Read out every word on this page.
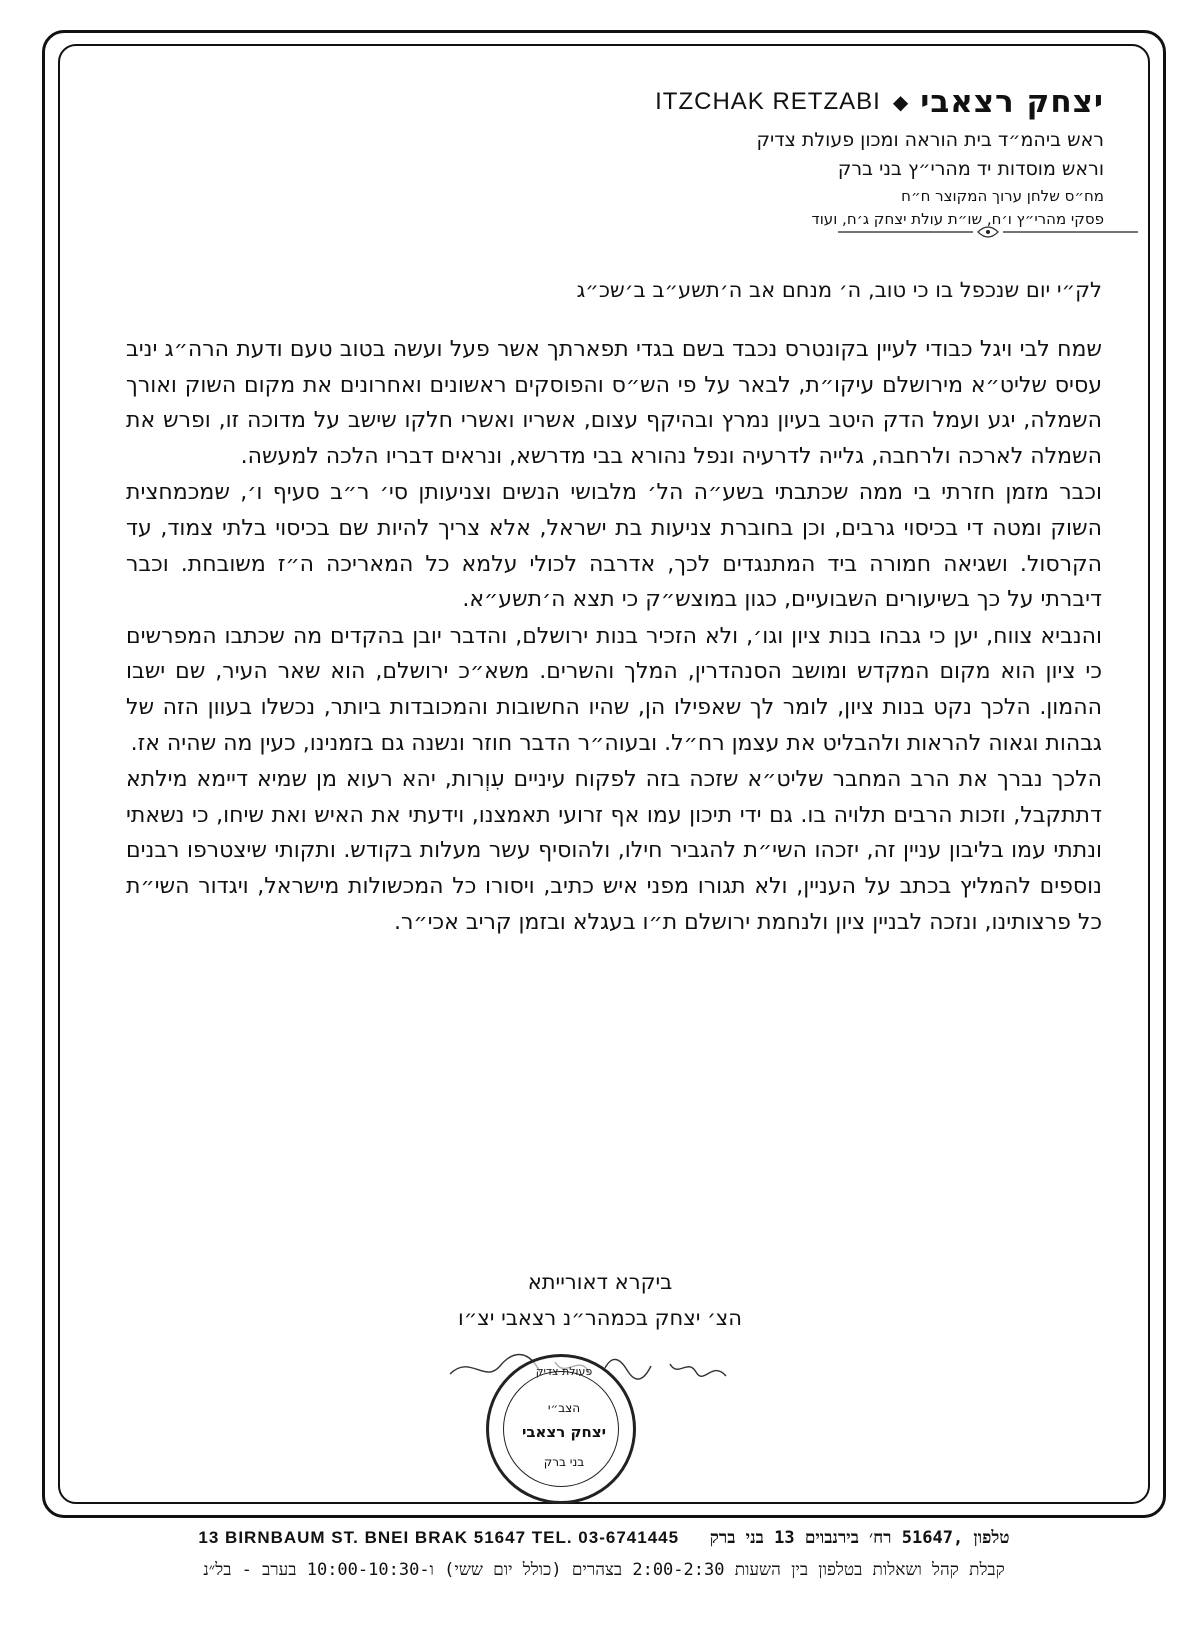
יצחק רצאבי
◆
ITZCHAK RETZABI
ראש ביהמ״ד בית הוראה ומכון פעולת צדיק
וראש מוסדות יד מהרי״ץ בני ברק
מח״ס שלחן ערוך המקוצר ח״ח
פסקי מהרי״ץ ו׳ח, שו״ת עולת יצחק ג׳ח, ועוד
לק״י יום שנכפל בו כי טוב, ה׳ מנחם אב ה׳תשע״ב ב׳שכ״ג

שמח לבי ויגל כבודי לעיין בקונטרס נכבד בשם בגדי תפארתך אשר פעל ועשה בטוב טעם ודעת הרה״ג יניב עסיס שליט״א מירושלם עיקו״ת, לבאר על פי הש״ס והפוסקים ראשונים ואחרונים את מקום השוק ואורך השמלה, יגע ועמל הדק היטב בעיון נמרץ ובהיקף עצום, אשריו ואשרי חלקו שישב על מדוכה זו, ופרש את השמלה לארכה ולרחבה, גלייה לדרעיה ונפל נהורא בבי מדרשא, ונראים דבריו הלכה למעשה.

וכבר מזמן חזרתי בי ממה שכתבתי בשע״ה הל׳ מלבושי הנשים וצניעותן סי׳ ר״ב סעיף ו׳, שמכמחצית השוק ומטה די בכיסוי גרבים, וכן בחוברת צניעות בת ישראל, אלא צריך להיות שם בכיסוי בלתי צמוד, עד הקרסול. ושגיאה חמורה ביד המתנגדים לכך, אדרבה לכולי עלמא כל המאריכה ה״ז משובחת. וכבר דיברתי על כך בשיעורים השבועיים, כגון במוצש״ק כי תצא ה׳תשע״א.

והנביא צווח, יען כי גבהו בנות ציון וגו׳, ולא הזכיר בנות ירושלם, והדבר יובן בהקדים מה שכתבו המפרשים כי ציון הוא מקום המקדש ומושב הסנהדרין, המלך והשרים. משא״כ ירושלם, הוא שאר העיר, שם ישבו ההמון. הלכך נקט בנות ציון, לומר לך שאפילו הן, שהיו החשובות והמכובדות ביותר, נכשלו בעוון הזה של גבהות וגאוה להראות ולהבליט את עצמן רח״ל. ובעוה״ר הדבר חוזר ונשנה גם בזמנינו, כעין מה שהיה אז.

הלכך נברך את הרב המחבר שליט״א שזכה בזה לפקוח עיניים עִוְרות, יהא רעוא מן שמיא דיימא מילתא דתתקבל, וזכות הרבים תלויה בו. גם ידי תיכון עמו אף זרועי תאמצנו, וידעתי את האיש ואת שיחו, כי נשאתי ונתתי עמו בליבון עניין זה, יזכהו השי״ת להגביר חילו, ולהוסיף עשר מעלות בקודש. ותקותי שיצטרפו רבנים נוספים להמליץ בכתב על העניין, ולא תגורו מפני איש כתיב, ויסורו כל המכשולות מישראל, ויגדור השי״ת כל פרצותינו, ונזכה לבניין ציון ולנחמת ירושלם ת״ו בעגלא ובזמן קריב אכי״ר.

ביקרא דאורייתא
הצ׳ יצחק בכמהר״נ רצאבי יצ״ו
פעולת צדיק
הצב״י
יצחק רצאבי
בני ברק
13 BIRNBAUM ST. BNEI BRAK 51647 TEL. 03-6741445 טלפון ,51647 רח׳ בירנבוים 13 בני ברק
קבלת קהל ושאלות בטלפון בין השעות 2:00-2:30 בצהרים (כולל יום ששי) ו-10:00-10:30 בערב - בל״נ
